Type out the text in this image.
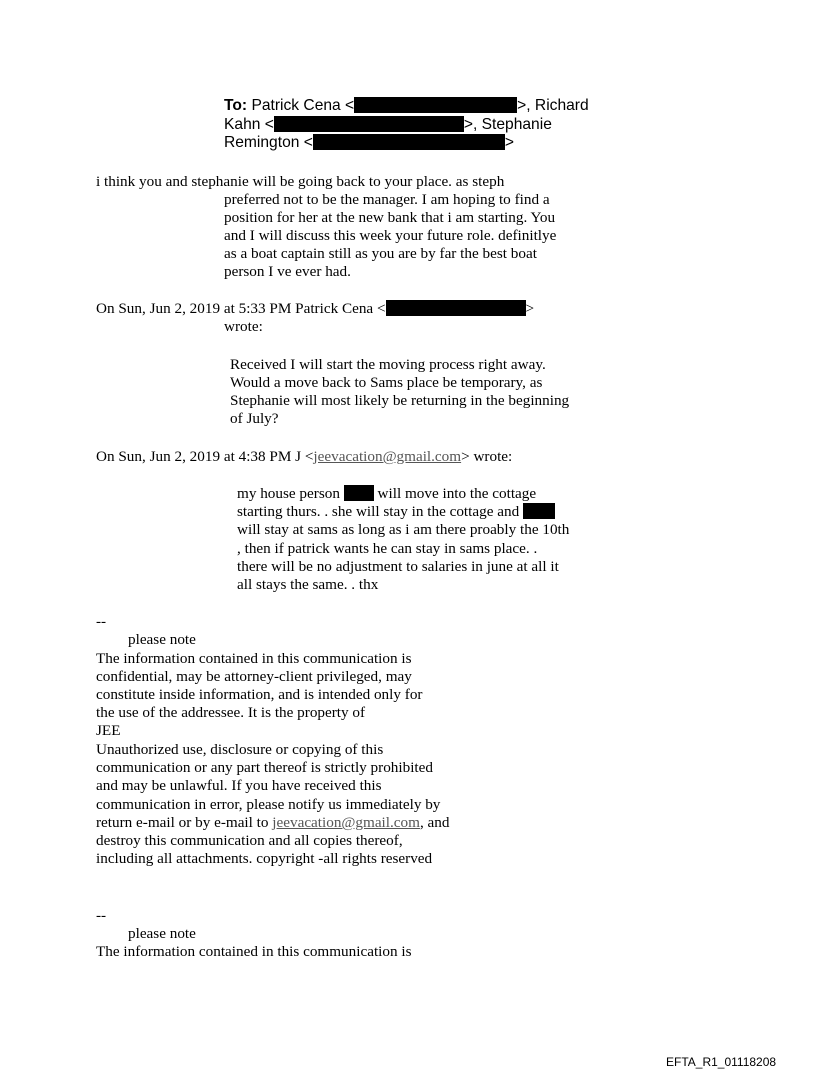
To: Patrick Cena <	>, Richard
Kahn <	>, Stephanie
Remington <	>
i think you and stephanie will be going back to your place. as steph
preferred not to be the manager. I am hoping to find a
position for her at the new bank that i am starting. You
and I will discuss this week your future role. definitlye
as a boat captain still as you are by far the best boat
person I ve ever had.
On Sun, Jun 2, 2019 at 5:33 PM Patrick Cena <	>
wrote:
Received I will start the moving process right away.
Would a move back to Sams place be temporary, as
Stephanie will most likely be returning in the beginning
of July?
On Sun, Jun 2, 2019 at 4:38 PM J <jeevacation@gmail.com> wrote:
my house person will move into the cottage
starting thurs. . she will stay in the cottage and
will stay at sams as long as i am there proably the 10th
, then if patrick wants he can stay in sams place. .
there will be no adjustment to salaries in june at all it
all stays the same. . thx
--
please note
The information contained in this communication is
confidential, may be attorney-client privileged, may
constitute inside information, and is intended only for
the use of the addressee. It is the property of
JEE
Unauthorized use, disclosure or copying of this
communication or any part thereof is strictly prohibited
and may be unlawful. If you have received this
communication in error, please notify us immediately by
return e-mail or by e-mail to jeevacation@gmail.com, and
destroy this communication and all copies thereof,
including all attachments. copyright -all rights reserved
--
please note
The information contained in this communication is
EFTA_R1_01118208
